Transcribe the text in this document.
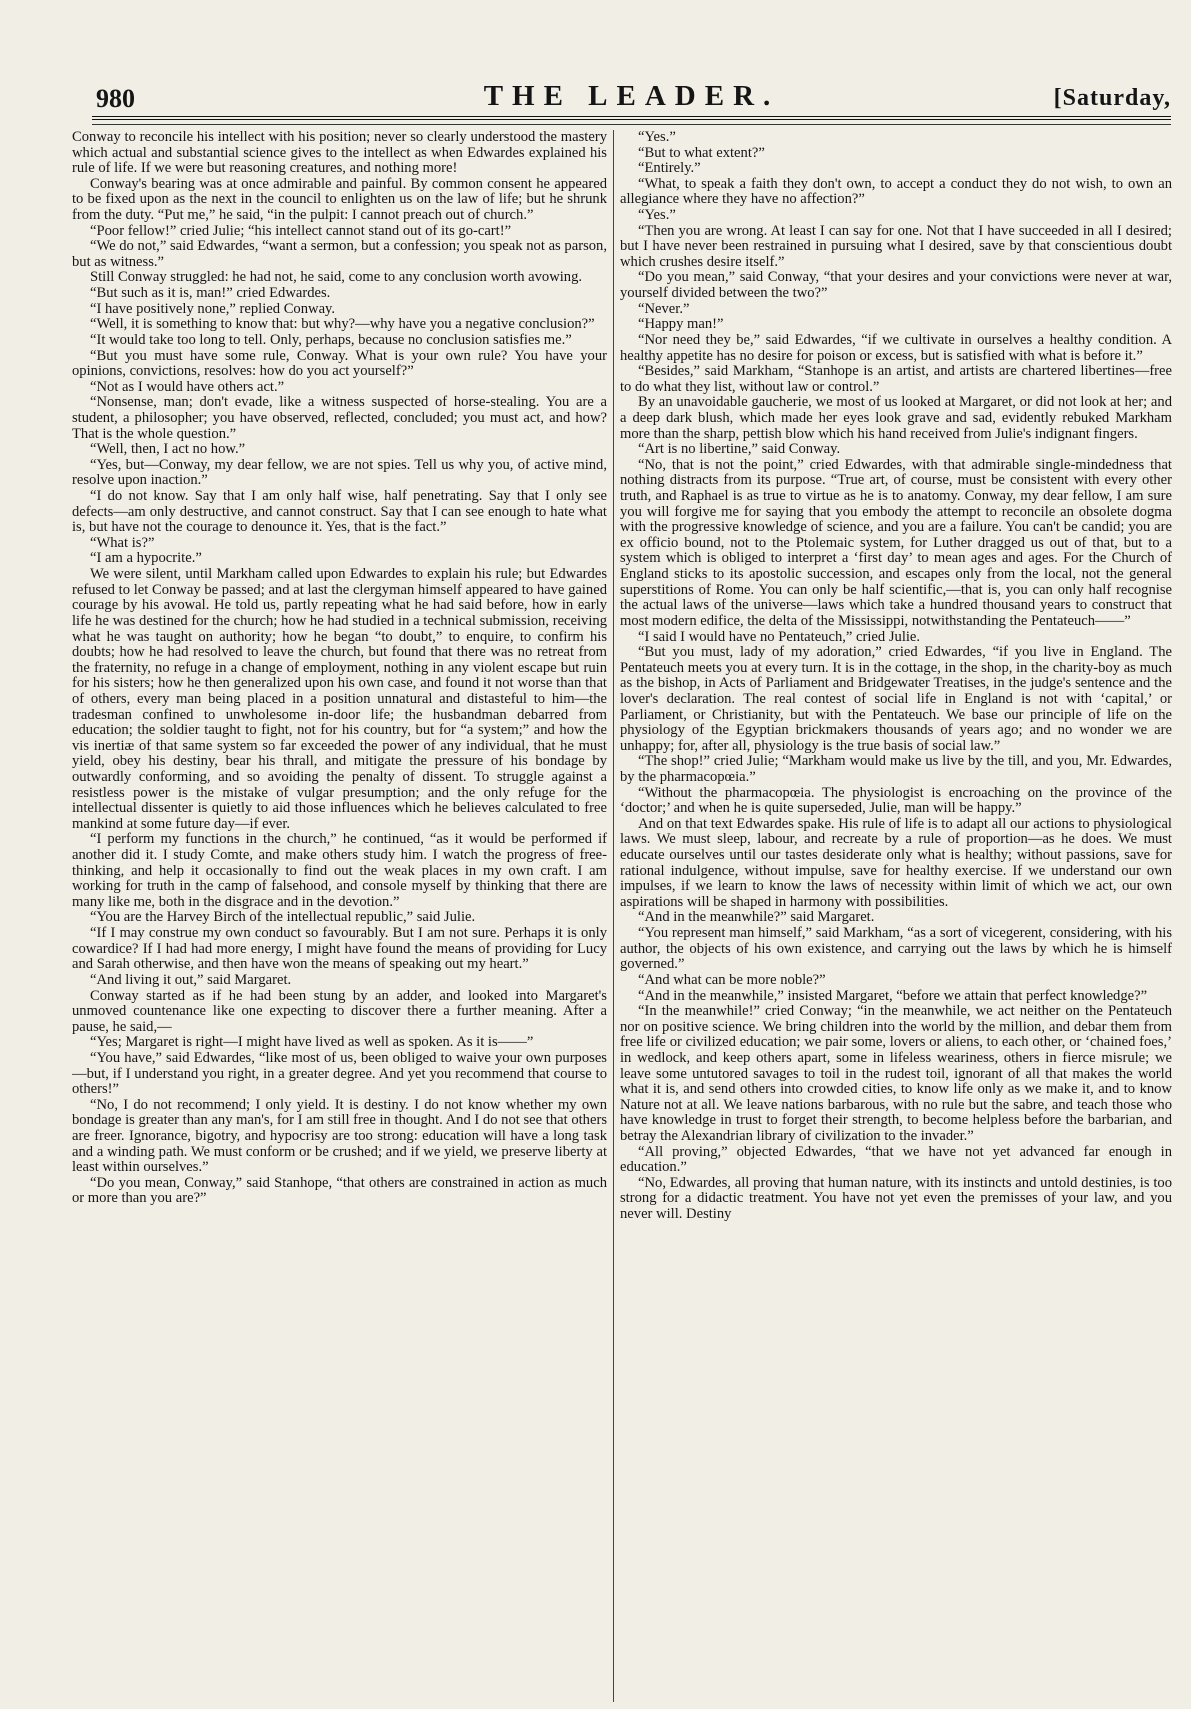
980	THE LEADER.	[Saturday,

Conway to reconcile his intellect with his position; never so clearly understood the mastery which actual and substantial science gives to the intellect as when Edwardes explained his rule of life. If we were but reasoning creatures, and nothing more!

Conway's bearing was at once admirable and painful. By common consent he appeared to be fixed upon as the next in the council to enlighten us on the law of life; but he shrunk from the duty. “Put me,” he said, “in the pulpit: I cannot preach out of church.”

“Poor fellow!” cried Julie; “his intellect cannot stand out of its go-cart!”

“We do not,” said Edwardes, “want a sermon, but a confession; you speak not as parson, but as witness.”

Still Conway struggled: he had not, he said, come to any conclusion worth avowing.

“But such as it is, man!” cried Edwardes.

“I have positively none,” replied Conway.

“Well, it is something to know that: but why?—why have you a negative conclusion?”

“It would take too long to tell. Only, perhaps, because no conclusion satisfies me.”

“But you must have some rule, Conway. What is your own rule? You have your opinions, convictions, resolves: how do you act yourself?”

“Not as I would have others act.”

“Nonsense, man; don't evade, like a witness suspected of horse-stealing. You are a student, a philosopher; you have observed, reflected, concluded; you must act, and how? That is the whole question.”

“Well, then, I act no how.”

“Yes, but—Conway, my dear fellow, we are not spies. Tell us why you, of active mind, resolve upon inaction.”

“I do not know. Say that I am only half wise, half penetrating. Say that I only see defects—am only destructive, and cannot construct. Say that I can see enough to hate what is, but have not the courage to denounce it. Yes, that is the fact.”

“What is?”

“I am a hypocrite.”

We were silent, until Markham called upon Edwardes to explain his rule; but Edwardes refused to let Conway be passed; and at last the clergyman himself appeared to have gained courage by his avowal. He told us, partly repeating what he had said before, how in early life he was destined for the church; how he had studied in a technical submission, receiving what he was taught on authority; how he began “to doubt,” to enquire, to confirm his doubts; how he had resolved to leave the church, but found that there was no retreat from the fraternity, no refuge in a change of employment, nothing in any violent escape but ruin for his sisters; how he then generalized upon his own case, and found it not worse than that of others, every man being placed in a position unnatural and distasteful to him—the tradesman confined to unwholesome in-door life; the husbandman debarred from education; the soldier taught to fight, not for his country, but for “a system;” and how the vis inertiæ of that same system so far exceeded the power of any individual, that he must yield, obey his destiny, bear his thrall, and mitigate the pressure of his bondage by outwardly conforming, and so avoiding the penalty of dissent. To struggle against a resistless power is the mistake of vulgar presumption; and the only refuge for the intellectual dissenter is quietly to aid those influences which he believes calculated to free mankind at some future day—if ever.

“I perform my functions in the church,” he continued, “as it would be performed if another did it. I study Comte, and make others study him. I watch the progress of free-thinking, and help it occasionally to find out the weak places in my own craft. I am working for truth in the camp of falsehood, and console myself by thinking that there are many like me, both in the disgrace and in the devotion.”

“You are the Harvey Birch of the intellectual republic,” said Julie.

“If I may construe my own conduct so favourably. But I am not sure. Perhaps it is only cowardice? If I had had more energy, I might have found the means of providing for Lucy and Sarah otherwise, and then have won the means of speaking out my heart.”

“And living it out,” said Margaret.

Conway started as if he had been stung by an adder, and looked into Margaret's unmoved countenance like one expecting to discover there a further meaning. After a pause, he said,—

“Yes; Margaret is right—I might have lived as well as spoken. As it is——”

“You have,” said Edwardes, “like most of us, been obliged to waive your own purposes—but, if I understand you right, in a greater degree. And yet you recommend that course to others!”

“No, I do not recommend; I only yield. It is destiny. I do not know whether my own bondage is greater than any man's, for I am still free in thought. And I do not see that others are freer. Ignorance, bigotry, and hypocrisy are too strong: education will have a long task and a winding path. We must conform or be crushed; and if we yield, we preserve liberty at least within ourselves.”

“Do you mean, Conway,” said Stanhope, “that others are constrained in action as much or more than you are?”

“Yes.”

“But to what extent?”

“Entirely.”

“What, to speak a faith they don't own, to accept a conduct they do not wish, to own an allegiance where they have no affection?”

“Yes.”

“Then you are wrong. At least I can say for one. Not that I have succeeded in all I desired; but I have never been restrained in pursuing what I desired, save by that conscientious doubt which crushes desire itself.”

“Do you mean,” said Conway, “that your desires and your convictions were never at war, yourself divided between the two?”

“Never.”

“Happy man!”

“Nor need they be,” said Edwardes, “if we cultivate in ourselves a healthy condition. A healthy appetite has no desire for poison or excess, but is satisfied with what is before it.”

“Besides,” said Markham, “Stanhope is an artist, and artists are chartered libertines—free to do what they list, without law or control.”

By an unavoidable gaucherie, we most of us looked at Margaret, or did not look at her; and a deep dark blush, which made her eyes look grave and sad, evidently rebuked Markham more than the sharp, pettish blow which his hand received from Julie's indignant fingers.

“Art is no libertine,” said Conway.

“No, that is not the point,” cried Edwardes, with that admirable single-mindedness that nothing distracts from its purpose. “True art, of course, must be consistent with every other truth, and Raphael is as true to virtue as he is to anatomy. Conway, my dear fellow, I am sure you will forgive me for saying that you embody the attempt to reconcile an obsolete dogma with the progressive knowledge of science, and you are a failure. You can't be candid; you are ex officio bound, not to the Ptolemaic system, for Luther dragged us out of that, but to a system which is obliged to interpret a ‘first day’ to mean ages and ages. For the Church of England sticks to its apostolic succession, and escapes only from the local, not the general superstitions of Rome. You can only be half scientific,—that is, you can only half recognise the actual laws of the universe—laws which take a hundred thousand years to construct that most modern edifice, the delta of the Mississippi, notwithstanding the Pentateuch——”

“I said I would have no Pentateuch,” cried Julie.

“But you must, lady of my adoration,” cried Edwardes, “if you live in England. The Pentateuch meets you at every turn. It is in the cottage, in the shop, in the charity-boy as much as the bishop, in Acts of Parliament and Bridgewater Treatises, in the judge's sentence and the lover's declaration. The real contest of social life in England is not with ‘capital,’ or Parliament, or Christianity, but with the Pentateuch. We base our principle of life on the physiology of the Egyptian brickmakers thousands of years ago; and no wonder we are unhappy; for, after all, physiology is the true basis of social law.”

“The shop!” cried Julie; “Markham would make us live by the till, and you, Mr. Edwardes, by the pharmacopœia.”

“Without the pharmacopœia. The physiologist is encroaching on the province of the ‘doctor;’ and when he is quite superseded, Julie, man will be happy.”

And on that text Edwardes spake. His rule of life is to adapt all our actions to physiological laws. We must sleep, labour, and recreate by a rule of proportion—as he does. We must educate ourselves until our tastes desiderate only what is healthy; without passions, save for rational indulgence, without impulse, save for healthy exercise. If we understand our own impulses, if we learn to know the laws of necessity within limit of which we act, our own aspirations will be shaped in harmony with possibilities.

“And in the meanwhile?” said Margaret.

“You represent man himself,” said Markham, “as a sort of vicegerent, considering, with his author, the objects of his own existence, and carrying out the laws by which he is himself governed.”

“And what can be more noble?”

“And in the meanwhile,” insisted Margaret, “before we attain that perfect knowledge?”

“In the meanwhile!” cried Conway; “in the meanwhile, we act neither on the Pentateuch nor on positive science. We bring children into the world by the million, and debar them from free life or civilized education; we pair some, lovers or aliens, to each other, or ‘chained foes,’ in wedlock, and keep others apart, some in lifeless weariness, others in fierce misrule; we leave some untutored savages to toil in the rudest toil, ignorant of all that makes the world what it is, and send others into crowded cities, to know life only as we make it, and to know Nature not at all. We leave nations barbarous, with no rule but the sabre, and teach those who have knowledge in trust to forget their strength, to become helpless before the barbarian, and betray the Alexandrian library of civilization to the invader.”

“All proving,” objected Edwardes, “that we have not yet advanced far enough in education.”

“No, Edwardes, all proving that human nature, with its instincts and untold destinies, is too strong for a didactic treatment. You have not yet even the premisses of your law, and you never will. Destiny
